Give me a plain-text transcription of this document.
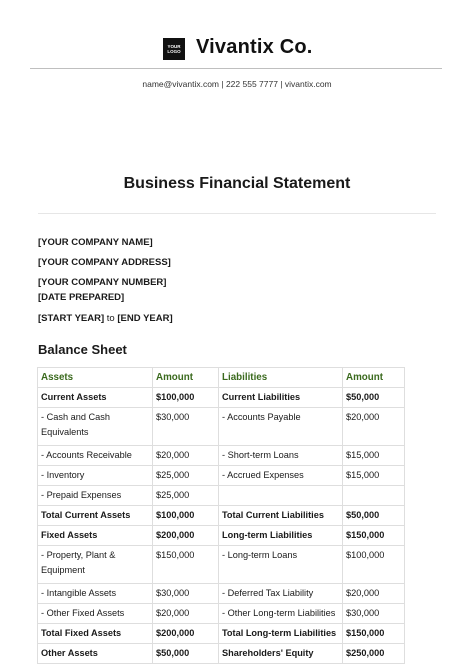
YOUR LOGO Vivantix Co.
name@vivantix.com | 222 555 7777 | vivantix.com
Business Financial Statement
[YOUR COMPANY NAME]
[YOUR COMPANY ADDRESS]
[YOUR COMPANY NUMBER]
[DATE PREPARED]
[START YEAR] to [END YEAR]
Balance Sheet
Assets	Amount	Liabilities	Amount
Current Assets	$100,000	Current Liabilities	$50,000
- Cash and Cash Equivalents	$30,000	- Accounts Payable	$20,000
- Accounts Receivable	$20,000	- Short-term Loans	$15,000
- Inventory	$25,000	- Accrued Expenses	$15,000
- Prepaid Expenses	$25,000		
Total Current Assets	$100,000	Total Current Liabilities	$50,000
Fixed Assets	$200,000	Long-term Liabilities	$150,000
- Property, Plant & Equipment	$150,000	- Long-term Loans	$100,000
- Intangible Assets	$30,000	- Deferred Tax Liability	$20,000
- Other Fixed Assets	$20,000	- Other Long-term Liabilities	$30,000
Total Fixed Assets	$200,000	Total Long-term Liabilities	$150,000
Other Assets	$50,000	Shareholders' Equity	$250,000
